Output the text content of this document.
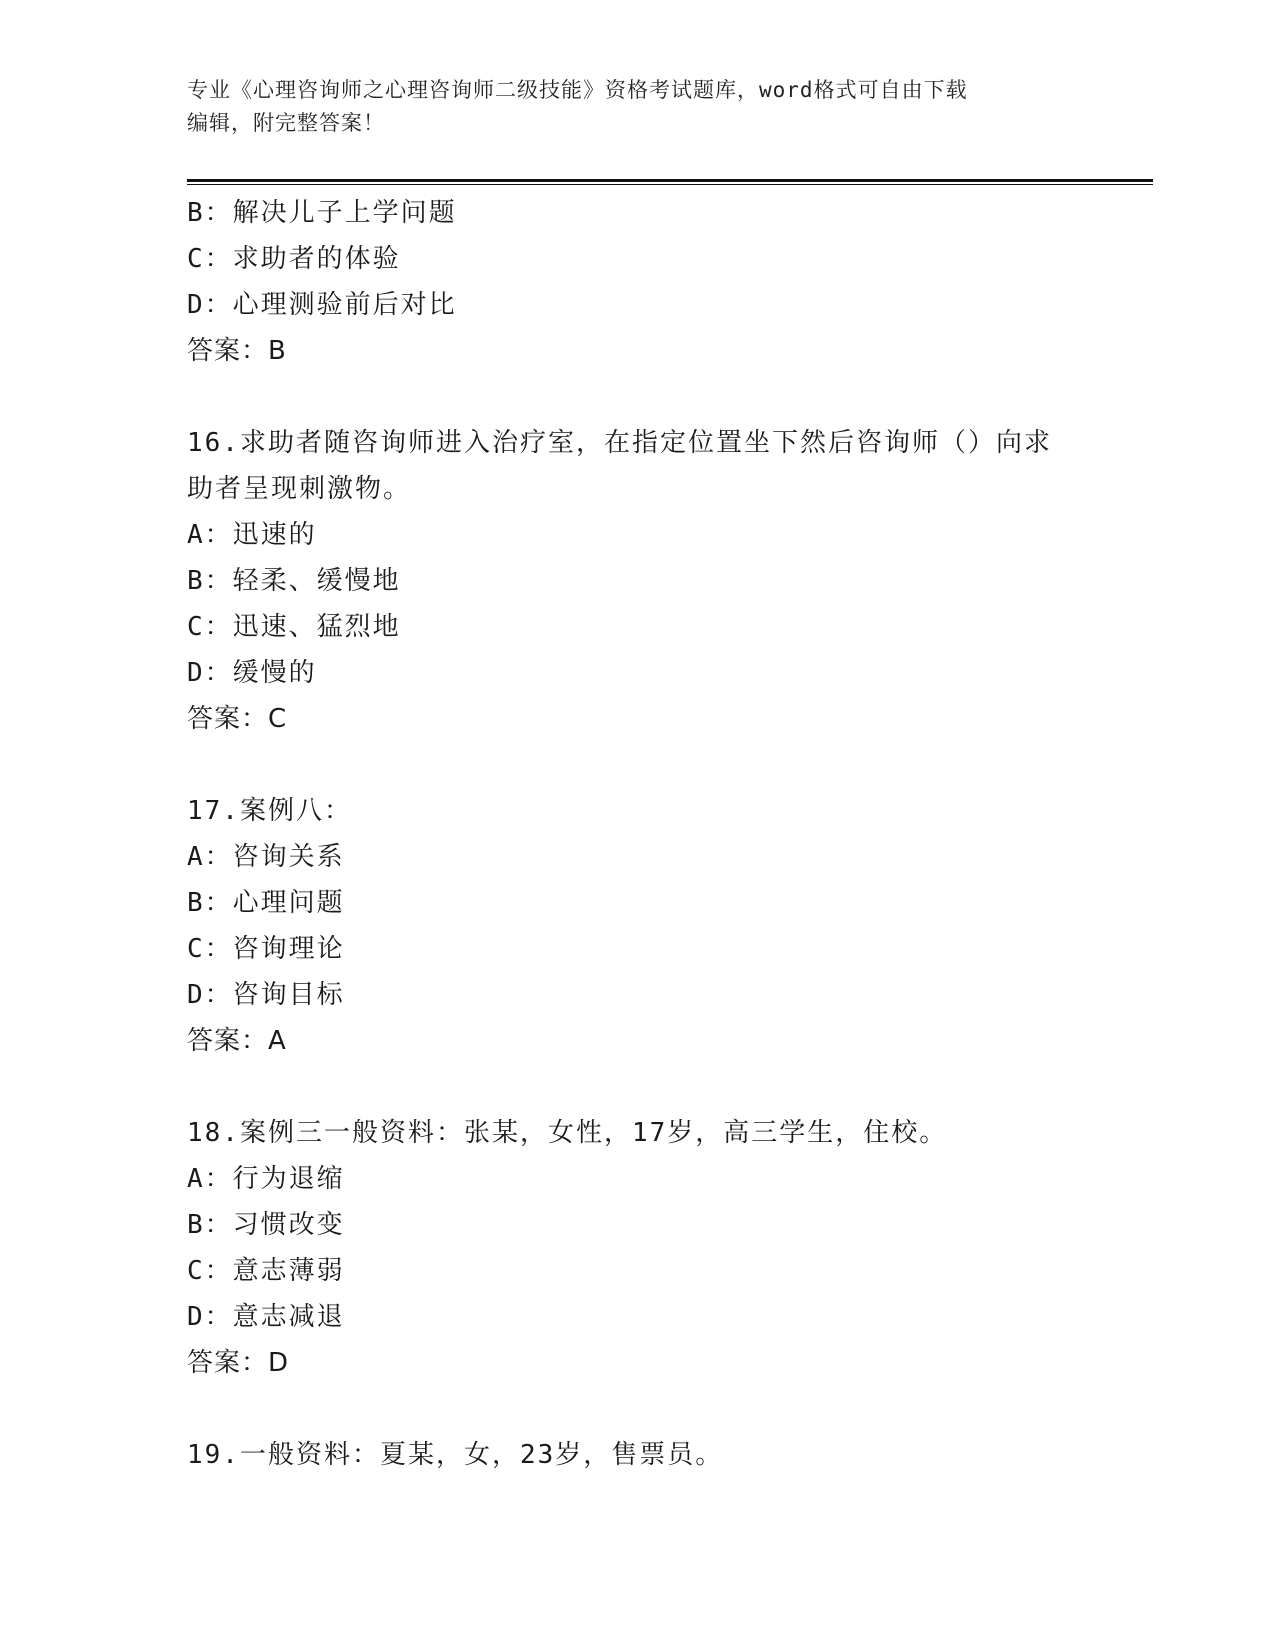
专业《心理咨询师之心理咨询师二级技能》资格考试题库，word格式可自由下载
编辑，附完整答案！
B：解决儿子上学问题
C：求助者的体验
D：心理测验前后对比
答案：B
16.求助者随咨询师进入治疗室，在指定位置坐下然后咨询师（）向求
助者呈现刺激物。
A：迅速的
B：轻柔、缓慢地
C：迅速、猛烈地
D：缓慢的
答案：C
17.案例八：
A：咨询关系
B：心理问题
C：咨询理论
D：咨询目标
答案：A
18.案例三一般资料：张某，女性，17岁，高三学生，住校。
A：行为退缩
B：习惯改变
C：意志薄弱
D：意志减退
答案：D
19.一般资料：夏某，女，23岁，售票员。
